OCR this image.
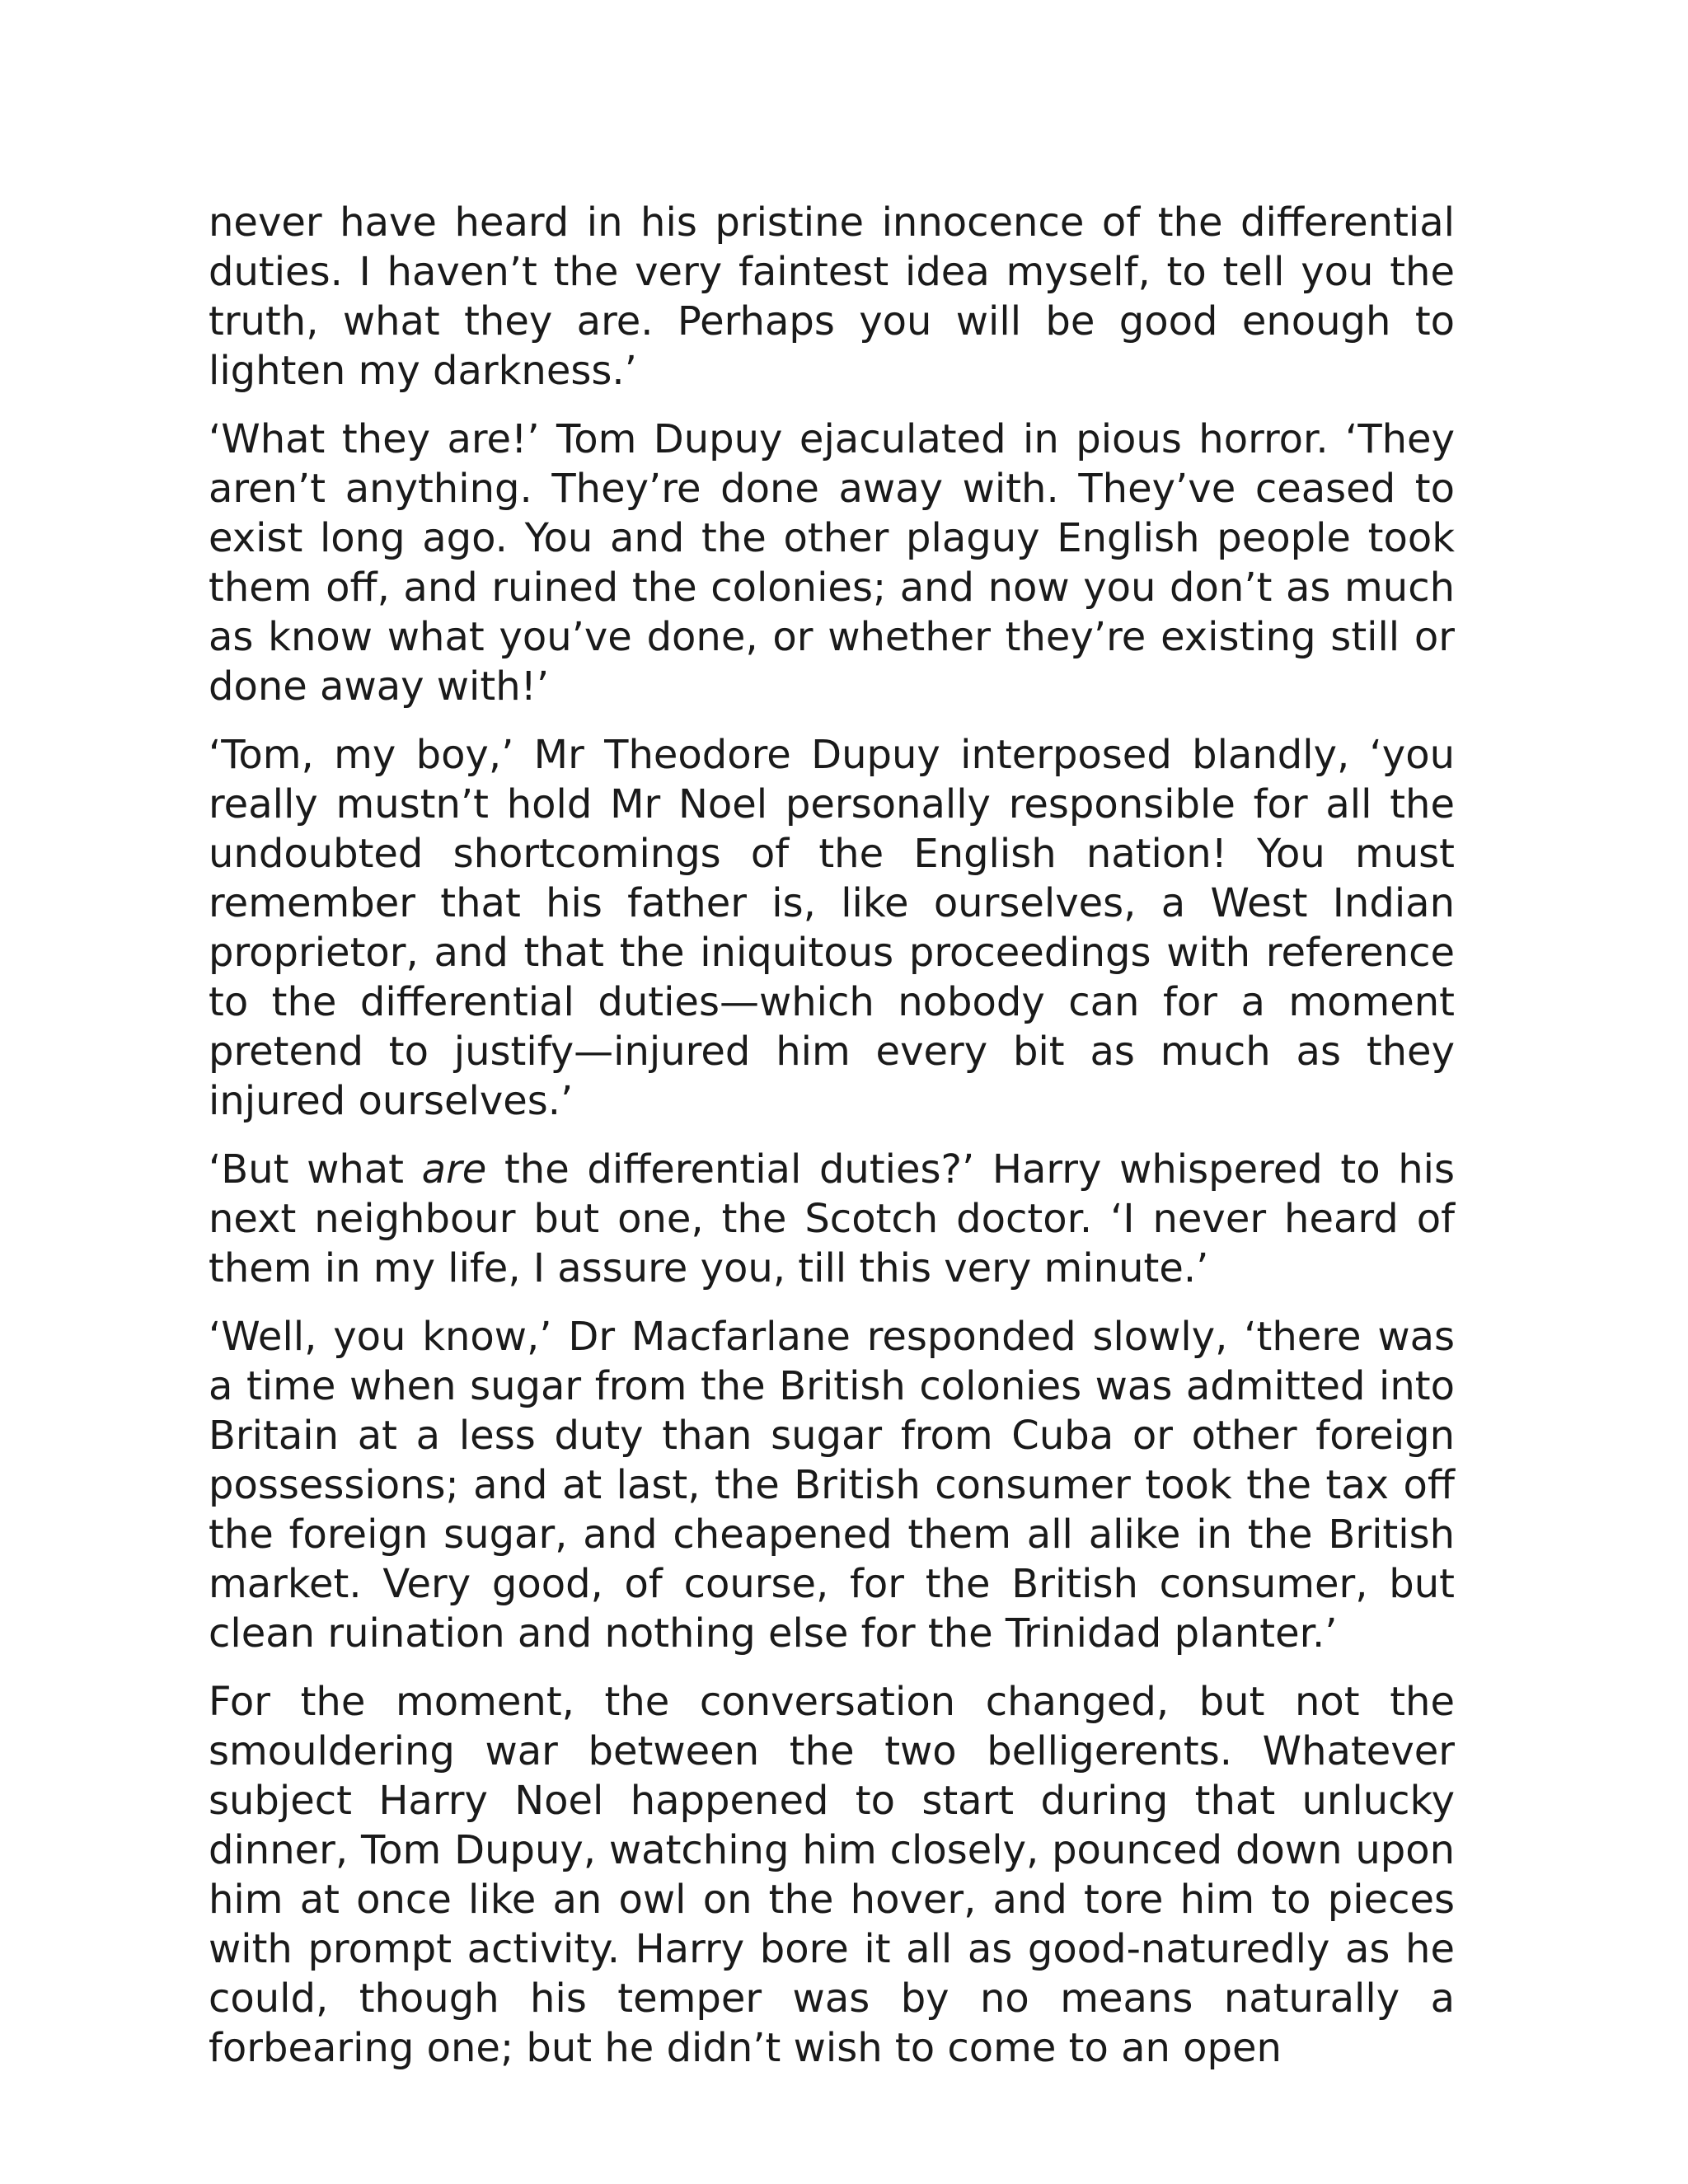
never have heard in his pristine innocence of the differential duties. I haven’t the very faintest idea myself, to tell you the truth, what they are. Perhaps you will be good enough to lighten my darkness.’

‘What they are!’ Tom Dupuy ejaculated in pious horror. ‘They aren’t anything. They’re done away with. They’ve ceased to exist long ago. You and the other plaguy English people took them off, and ruined the colonies; and now you don’t as much as know what you’ve done, or whether they’re existing still or done away with!’

‘Tom, my boy,’ Mr Theodore Dupuy interposed blandly, ‘you really mustn’t hold Mr Noel personally responsible for all the undoubted shortcomings of the English nation! You must remember that his father is, like ourselves, a West Indian proprietor, and that the iniquitous proceedings with reference to the differential duties—which nobody can for a moment pretend to justify—injured him every bit as much as they injured ourselves.’

‘But what are the differential duties?’ Harry whispered to his next neighbour but one, the Scotch doctor. ‘I never heard of them in my life, I assure you, till this very minute.’

‘Well, you know,’ Dr Macfarlane responded slowly, ‘there was a time when sugar from the British colonies was admitted into Britain at a less duty than sugar from Cuba or other foreign possessions; and at last, the British consumer took the tax off the foreign sugar, and cheapened them all alike in the British market. Very good, of course, for the British consumer, but clean ruination and nothing else for the Trinidad planter.’

For the moment, the conversation changed, but not the smouldering war between the two belligerents. Whatever subject Harry Noel happened to start during that unlucky dinner, Tom Dupuy, watching him closely, pounced down upon him at once like an owl on the hover, and tore him to pieces with prompt activity. Harry bore it all as good-naturedly as he could, though his temper was by no means naturally a forbearing one; but he didn’t wish to come to an open
